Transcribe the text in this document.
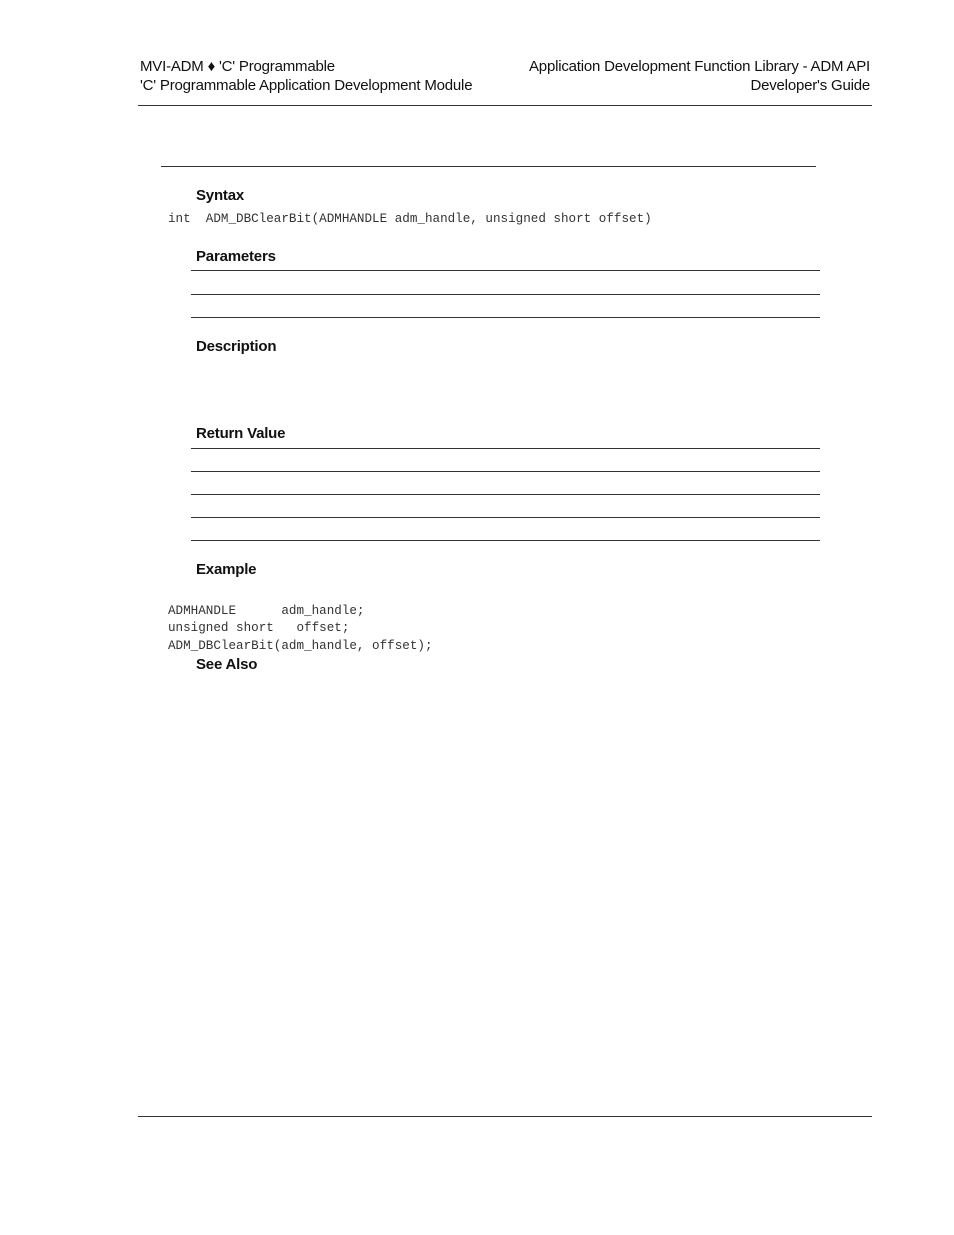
MVI-ADM ♦ 'C' Programmable
'C' Programmable Application Development Module
Application Development Function Library - ADM API
Developer's Guide
Syntax
int  ADM_DBClearBit(ADMHANDLE adm_handle, unsigned short offset)
Parameters
Description
Return Value
Example

ADMHANDLE      adm_handle;
unsigned short   offset;
ADM_DBClearBit(adm_handle, offset);
See Also
